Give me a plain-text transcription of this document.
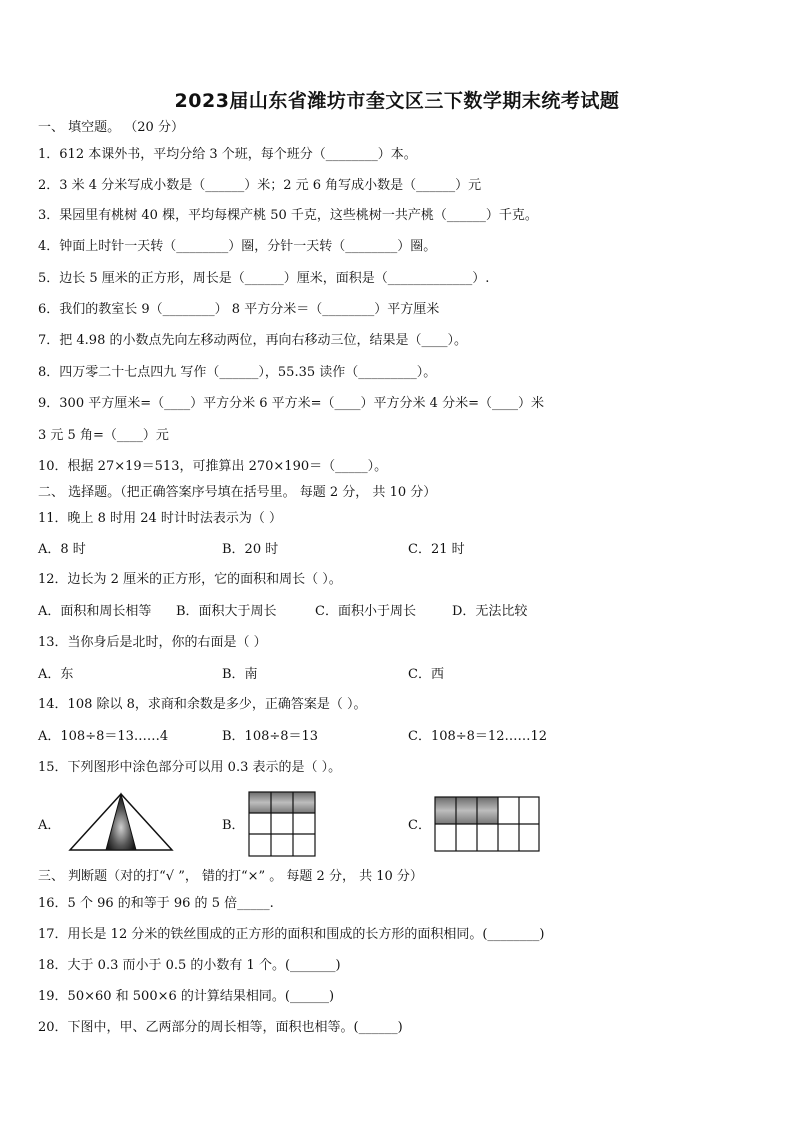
2023届山东省潍坊市奎文区三下数学期末统考试题
一、 填空题。 （20 分）
1．612 本课外书，平均分给 3 个班，每个班分（________）本。
2．3 米 4 分米写成小数是（______）米；2 元 6 角写成小数是（______）元
3．果园里有桃树 40 棵，平均每棵产桃 50 千克，这些桃树一共产桃（______）千克。
4．钟面上时针一天转（________）圈，分针一天转（________）圈。
5．边长 5 厘米的正方形，周长是（______）厘米，面积是（_____________）.
6．我们的教室长 9（________） 8 平方分米＝（________）平方厘米
7．把 4.98 的小数点先向左移动两位，再向右移动三位，结果是（____）。
8．四万零二十七点四九 写作（______），55.35 读作（_________）。
9．300 平方厘米=（____）平方分米 6 平方米=（____）平方分米 4 分米=（____）米
3 元 5 角=（____）元
10．根据 27×19＝513，可推算出 270×190＝（_____）。
二、 选择题。（把正确答案序号填在括号里。 每题 2 分， 共 10 分）
11．晚上 8 时用 24 时计时法表示为（ ）
A．8 时	B．20 时	C．21 时
12．边长为 2 厘米的正方形，它的面积和周长（ ）。
A．面积和周长相等 B．面积大于周长	C．面积小于周长	D．无法比较
13．当你身后是北时，你的右面是（ ）
A．东	B．南	C．西
14．108 除以 8，求商和余数是多少，正确答案是（ ）。
A．108÷8＝13……4	B．108÷8＝13	C．108÷8＝12……12
15．下列图形中涂色部分可以用 0.3 表示的是（ ）。
A．	B．	C．
三、 判断题（对的打“√ ”， 错的打“×” 。 每题 2 分， 共 10 分）
16．5 个 96 的和等于 96 的 5 倍_____.
17．用长是 12 分米的铁丝围成的正方形的面积和围成的长方形的面积相同。(________)
18．大于 0.3 而小于 0.5 的小数有 1 个。(_______)
19．50×60 和 500×6 的计算结果相同。(______)
20．下图中，甲、乙两部分的周长相等，面积也相等。(______)
